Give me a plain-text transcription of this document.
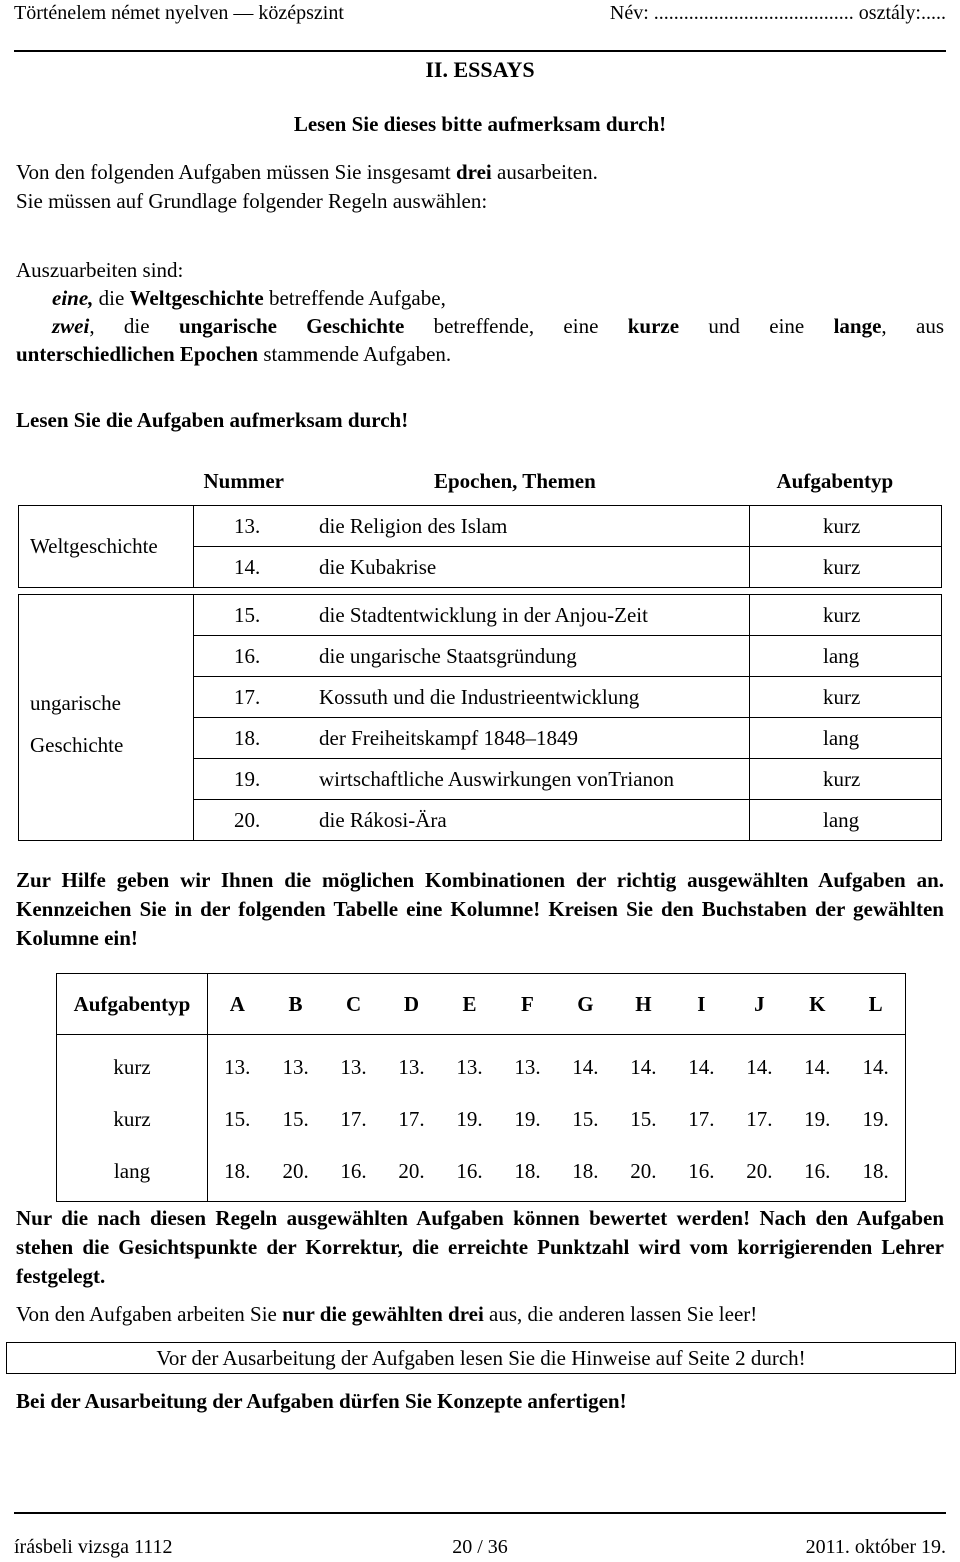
Történelem német nyelven — középszint	Név: ........................................ osztály:.....
II. ESSAYS
Lesen Sie dieses bitte aufmerksam durch!
Von den folgenden Aufgaben müssen Sie insgesamt drei ausarbeiten.
Sie müssen auf Grundlage folgender Regeln auswählen:
Auszuarbeiten sind:
eine, die Weltgeschichte betreffende Aufgabe,
zwei, die ungarische Geschichte betreffende, eine kurze und eine lange, aus
unterschiedlichen Epochen stammende Aufgaben.
Lesen Sie die Aufgaben aufmerksam durch!
	Nummer	Epochen, Themen	Aufgabentyp
Weltgeschichte	13.	die Religion des Islam	kurz
	14.	die Kubakrise	kurz

ungarische
Geschichte	15.	die Stadtentwicklung in der Anjou-Zeit	kurz
	16.	die ungarische Staatsgründung	lang
	17.	Kossuth und die Industrieentwicklung	kurz
	18.	der Freiheitskampf 1848–1849	lang
	19.	wirtschaftliche Auswirkungen vonTrianon	kurz
	20.	die Rákosi-Ära	lang
Zur Hilfe geben wir Ihnen die möglichen Kombinationen der richtig ausgewählten Aufgaben an. Kennzeichen Sie in der folgenden Tabelle eine Kolumne! Kreisen Sie den Buchstaben der gewählten Kolumne ein!
Aufgabentyp	A	B	C	D	E	F	G	H	I	J	K	L
kurz	13.	13.	13.	13.	13.	13.	14.	14.	14.	14.	14.	14.
kurz	15.	15.	17.	17.	19.	19.	15.	15.	17.	17.	19.	19.
lang	18.	20.	16.	20.	16.	18.	18.	20.	16.	20.	16.	18.
Nur die nach diesen Regeln ausgewählten Aufgaben können bewertet werden! Nach den Aufgaben stehen die Gesichtspunkte der Korrektur, die erreichte Punktzahl wird vom korrigierenden Lehrer festgelegt.
Von den Aufgaben arbeiten Sie nur die gewählten drei aus, die anderen lassen Sie leer!
Vor der Ausarbeitung der Aufgaben lesen Sie die Hinweise auf Seite 2 durch!
Bei der Ausarbeitung der Aufgaben dürfen Sie Konzepte anfertigen!
írásbeli vizsga 1112	20 / 36	2011. október 19.
